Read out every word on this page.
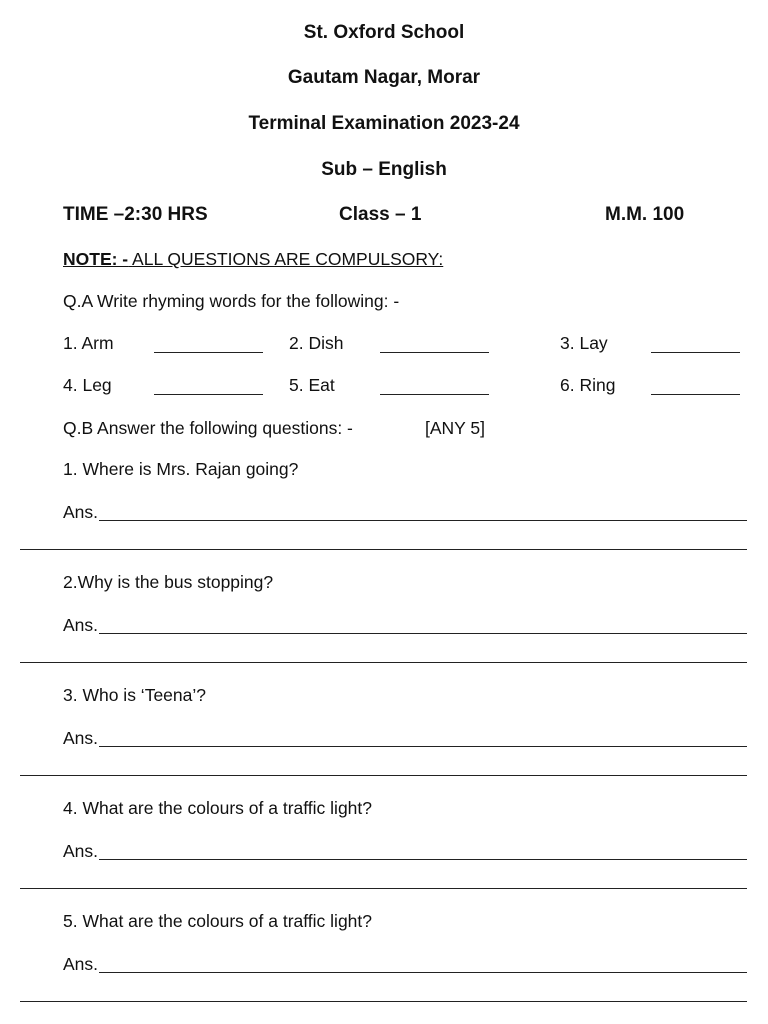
St. Oxford School
Gautam Nagar, Morar
Terminal Examination 2023-24
Sub – English
TIME –2:30 HRS	Class – 1	M.M. 100
NOTE: - ALL QUESTIONS ARE COMPULSORY:
Q.A Write rhyming words for the following: -
1. Arm	2. Dish	3. Lay
4. Leg	5. Eat	6. Ring
Q.B Answer the following questions: -	[ANY 5]
1. Where is Mrs. Rajan going?
Ans.
2.Why is the bus stopping?
Ans.
3. Who is ‘Teena’?
Ans.
4. What are the colours of a traffic light?
Ans.
5. What are the colours of a traffic light?
Ans.
